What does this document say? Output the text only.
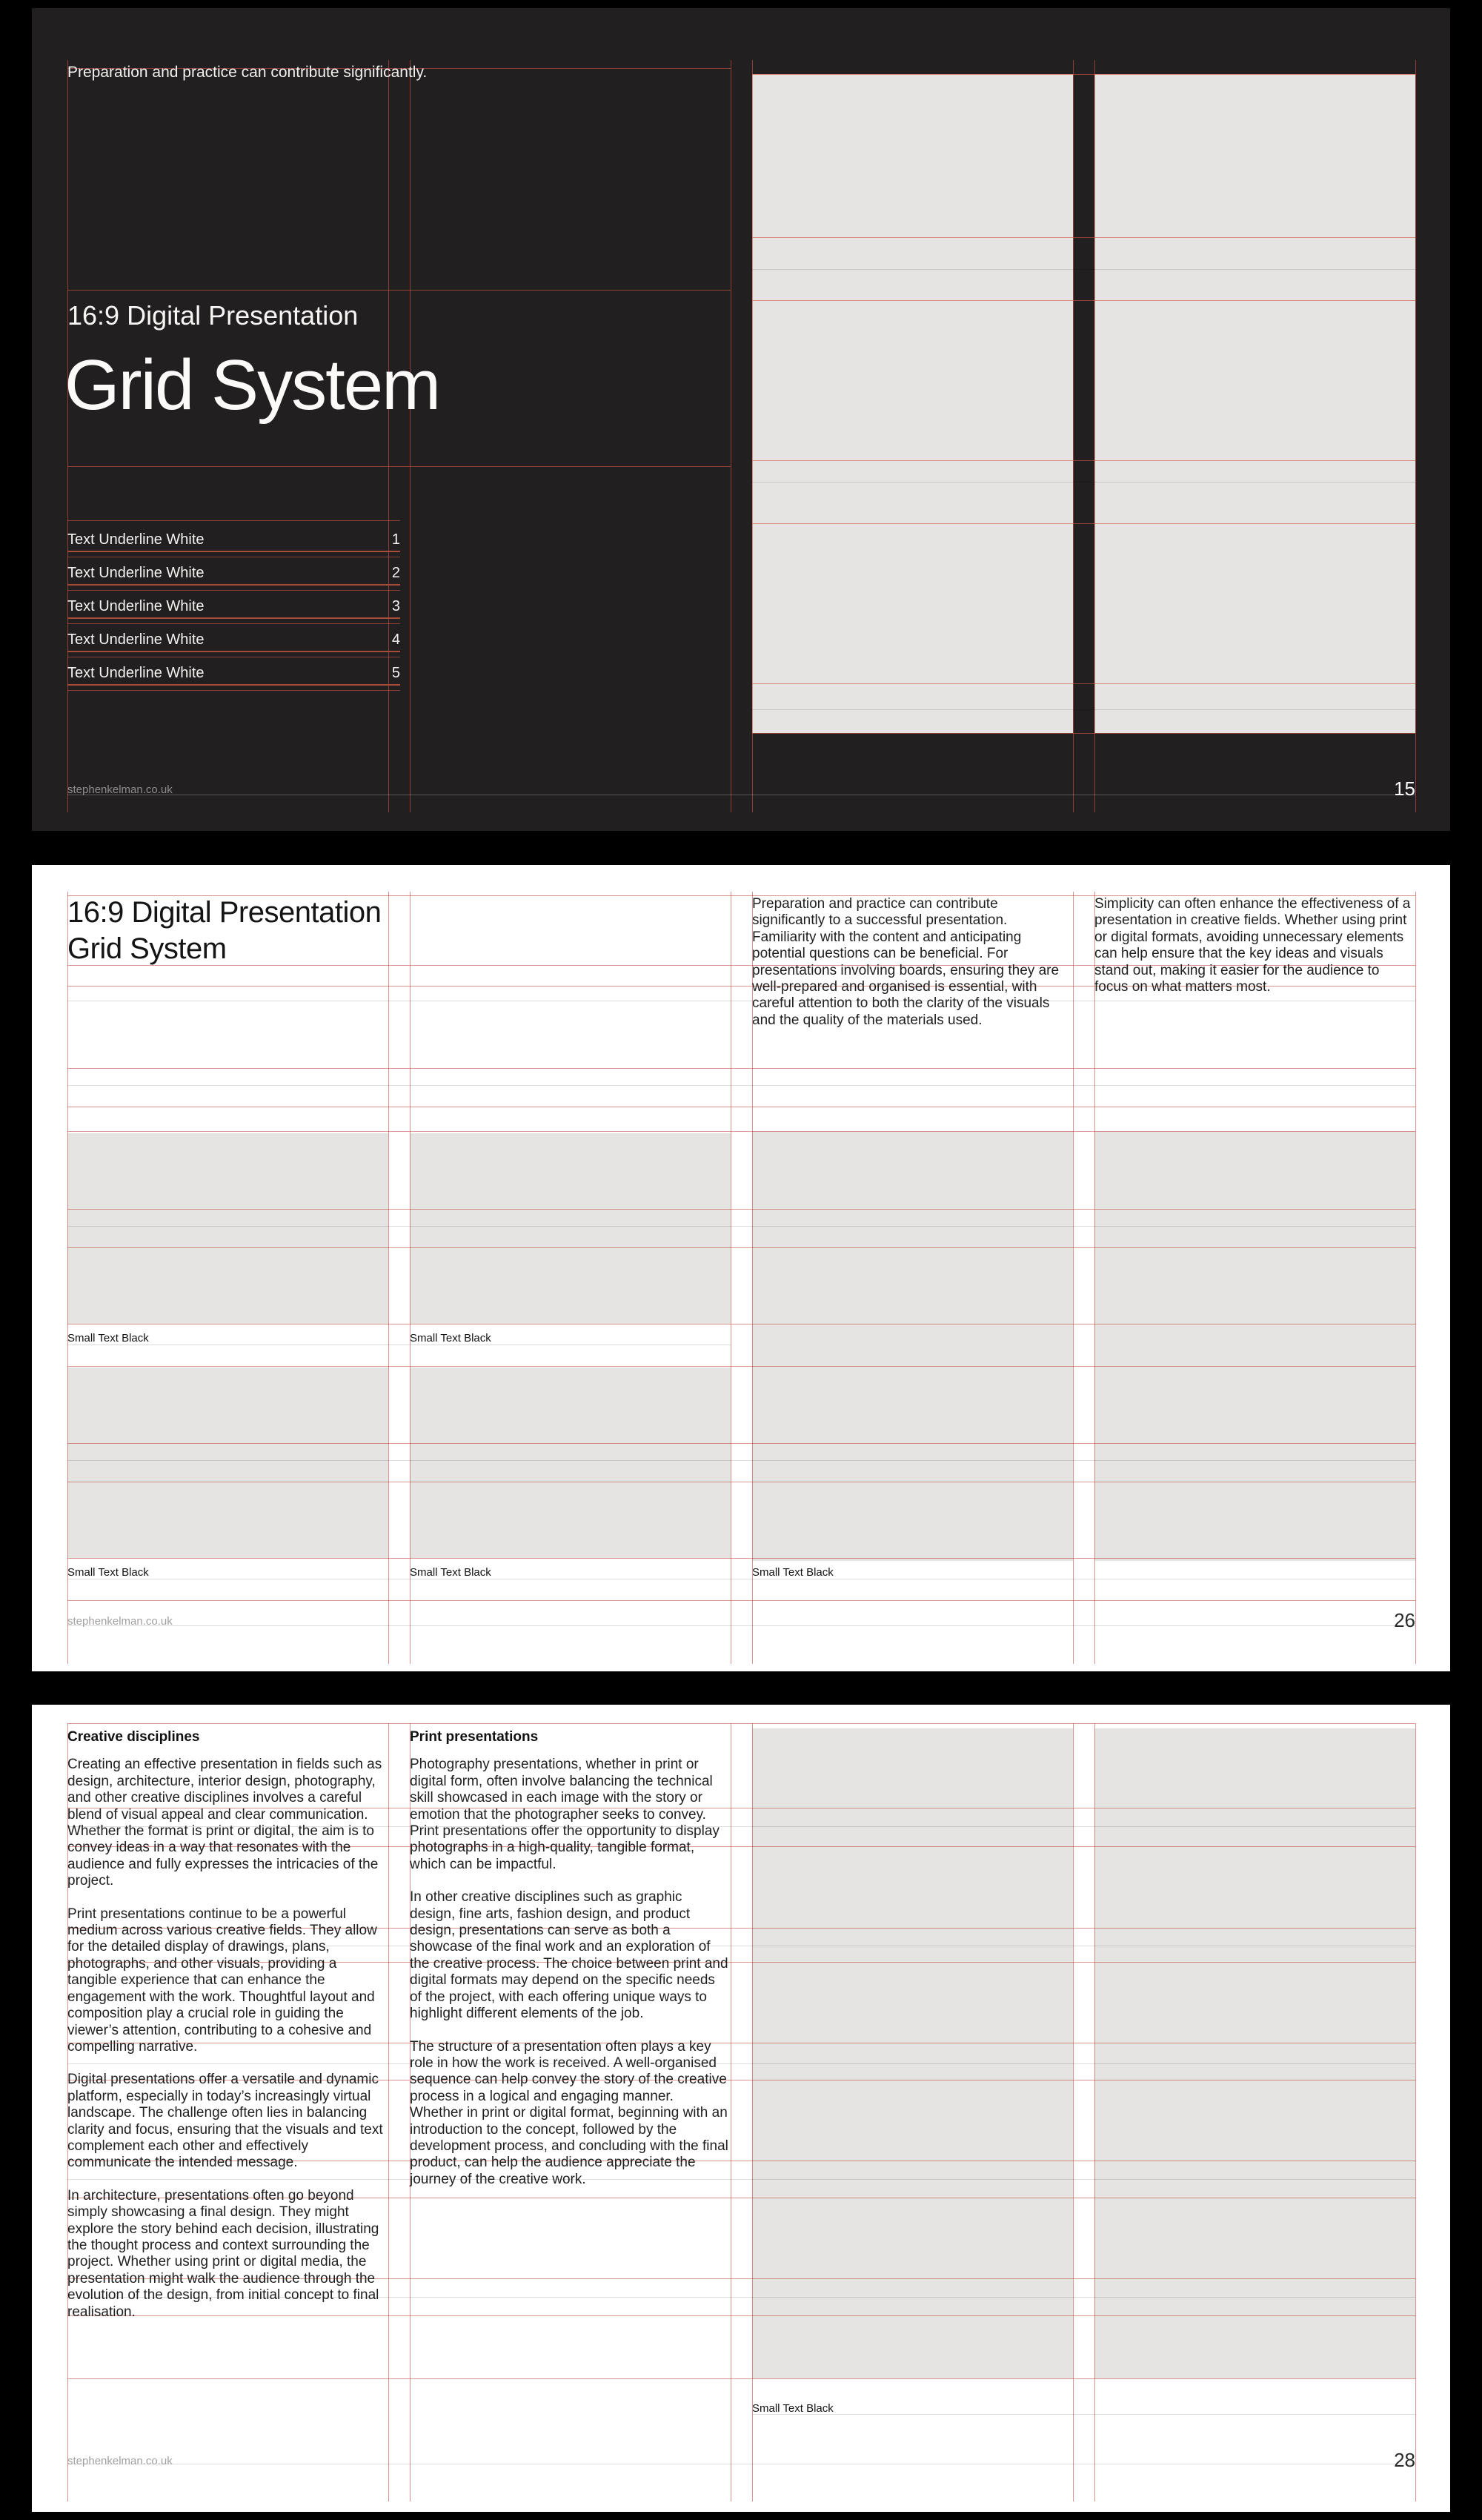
Preparation and practice can contribute significantly.
16:9 Digital Presentation
Grid System
Text Underline White	1
Text Underline White	2
Text Underline White	3
Text Underline White	4
Text Underline White	5
stephenkelman.co.uk	15
16:9 Digital Presentation
Grid System
Preparation and practice can contribute significantly to a successful presentation. Familiarity with the content and anticipating potential questions can be beneficial. For presentations involving boards, ensuring they are well-prepared and organised is essential, with careful attention to both the clarity of the visuals and the quality of the materials used.
Simplicity can often enhance the effectiveness of a presentation in creative fields. Whether using print or digital formats, avoiding unnecessary elements can help ensure that the key ideas and visuals stand out, making it easier for the audience to focus on what matters most.
Small Text Black	Small Text Black
Small Text Black	Small Text Black	Small Text Black
stephenkelman.co.uk	26
Creative disciplines

Creating an effective presentation in fields such as design, architecture, interior design, photography, and other creative disciplines involves a careful blend of visual appeal and clear communication. Whether the format is print or digital, the aim is to convey ideas in a way that resonates with the audience and fully expresses the intricacies of the project.

Print presentations continue to be a powerful medium across various creative fields. They allow for the detailed display of drawings, plans, photographs, and other visuals, providing a tangible experience that can enhance the engagement with the work. Thoughtful layout and composition play a crucial role in guiding the viewer’s attention, contributing to a cohesive and compelling narrative.

Digital presentations offer a versatile and dynamic platform, especially in today’s increasingly virtual landscape. The challenge often lies in balancing clarity and focus, ensuring that the visuals and text complement each other and effectively communicate the intended message.

In architecture, presentations often go beyond simply showcasing a final design. They might explore the story behind each decision, illustrating the thought process and context surrounding the project. Whether using print or digital media, the presentation might walk the audience through the evolution of the design, from initial concept to final realisation.

Print presentations

Photography presentations, whether in print or digital form, often involve balancing the technical skill showcased in each image with the story or emotion that the photographer seeks to convey. Print presentations offer the opportunity to display photographs in a high-quality, tangible format, which can be impactful.

In other creative disciplines such as graphic design, fine arts, fashion design, and product design, presentations can serve as both a showcase of the final work and an exploration of the creative process. The choice between print and digital formats may depend on the specific needs of the project, with each offering unique ways to highlight different elements of the job.

The structure of a presentation often plays a key role in how the work is received. A well-organised sequence can help convey the story of the creative process in a logical and engaging manner. Whether in print or digital format, beginning with an introduction to the concept, followed by the development process, and concluding with the final product, can help the audience appreciate the journey of the creative work.

Small Text Black
stephenkelman.co.uk	28
